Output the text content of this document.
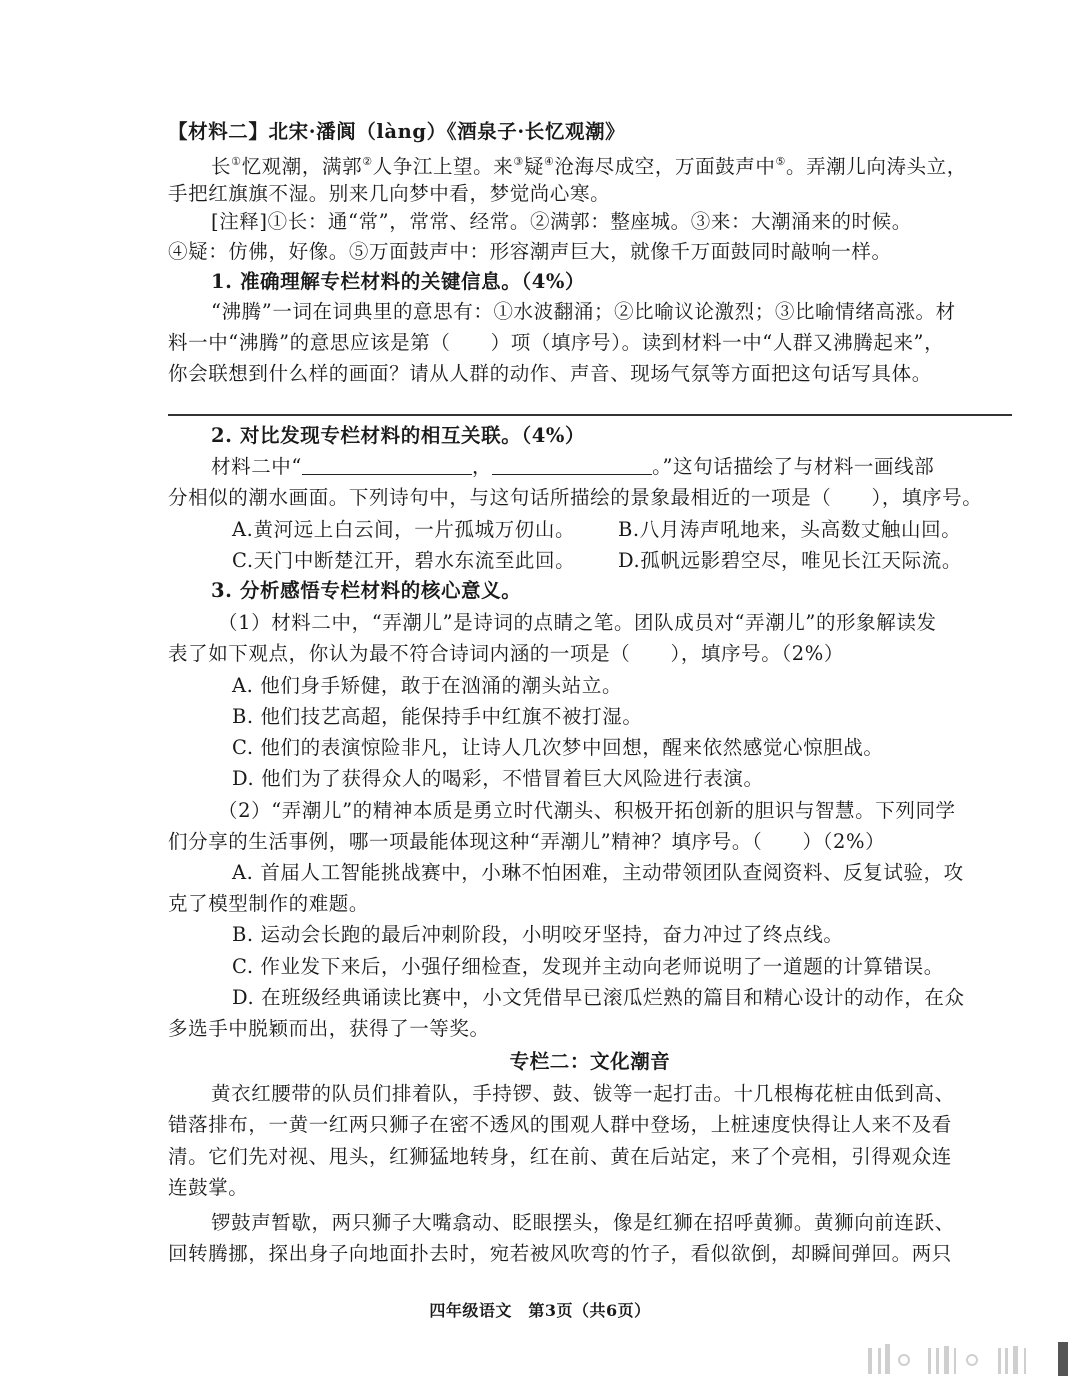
【材料二】北宋·潘阆（làng）《酒泉子·长忆观潮》
长①忆观潮，满郭②人争江上望。来③疑④沧海尽成空，万面鼓声中⑤。弄潮儿向涛头立，
手把红旗旗不湿。别来几向梦中看，梦觉尚心寒。
[注释]①长：通“常”，常常、经常。②满郭：整座城。③来：大潮涌来的时候。
④疑：仿佛，好像。⑤万面鼓声中：形容潮声巨大，就像千万面鼓同时敲响一样。
1. 准确理解专栏材料的关键信息。（4%）
“沸腾”一词在词典里的意思有：①水波翻涌；②比喻议论激烈；③比喻情绪高涨。材
料一中“沸腾”的意思应该是第（　　）项（填序号）。读到材料一中“人群又沸腾起来”，
你会联想到什么样的画面？请从人群的动作、声音、现场气氛等方面把这句话写具体。
2. 对比发现专栏材料的相互关联。（4%）
材料二中“	，	。”这句话描绘了与材料一画线部
分相似的潮水画面。下列诗句中，与这句话所描绘的景象最相近的一项是（　　），填序号。
A.黄河远上白云间，一片孤城万仞山。 B.八月涛声吼地来，头高数丈触山回。
C.天门中断楚江开，碧水东流至此回。 D.孤帆远影碧空尽，唯见长江天际流。
3. 分析感悟专栏材料的核心意义。
（1）材料二中，“弄潮儿”是诗词的点睛之笔。团队成员对“弄潮儿”的形象解读发
表了如下观点，你认为最不符合诗词内涵的一项是（　　），填序号。（2%）
A. 他们身手矫健，敢于在汹涌的潮头站立。
B. 他们技艺高超，能保持手中红旗不被打湿。
C. 他们的表演惊险非凡，让诗人几次梦中回想，醒来依然感觉心惊胆战。
D. 他们为了获得众人的喝彩，不惜冒着巨大风险进行表演。
（2）“弄潮儿”的精神本质是勇立时代潮头、积极开拓创新的胆识与智慧。下列同学
们分享的生活事例，哪一项最能体现这种“弄潮儿”精神？填序号。（　　）（2%）
A. 首届人工智能挑战赛中，小琳不怕困难，主动带领团队查阅资料、反复试验，攻
克了模型制作的难题。
B. 运动会长跑的最后冲刺阶段，小明咬牙坚持，奋力冲过了终点线。
C. 作业发下来后，小强仔细检查，发现并主动向老师说明了一道题的计算错误。
D. 在班级经典诵读比赛中，小文凭借早已滚瓜烂熟的篇目和精心设计的动作，在众
多选手中脱颖而出，获得了一等奖。
专栏二：文化潮音
黄衣红腰带的队员们排着队，手持锣、鼓、钹等一起打击。十几根梅花桩由低到高、
错落排布，一黄一红两只狮子在密不透风的围观人群中登场，上桩速度快得让人来不及看
清。它们先对视、甩头，红狮猛地转身，红在前、黄在后站定，来了个亮相，引得观众连
连鼓掌。
锣鼓声暂歇，两只狮子大嘴翕动、眨眼摆头，像是红狮在招呼黄狮。黄狮向前连跃、
回转腾挪，探出身子向地面扑去时，宛若被风吹弯的竹子，看似欲倒，却瞬间弹回。两只
四年级语文　第3页（共6页）
